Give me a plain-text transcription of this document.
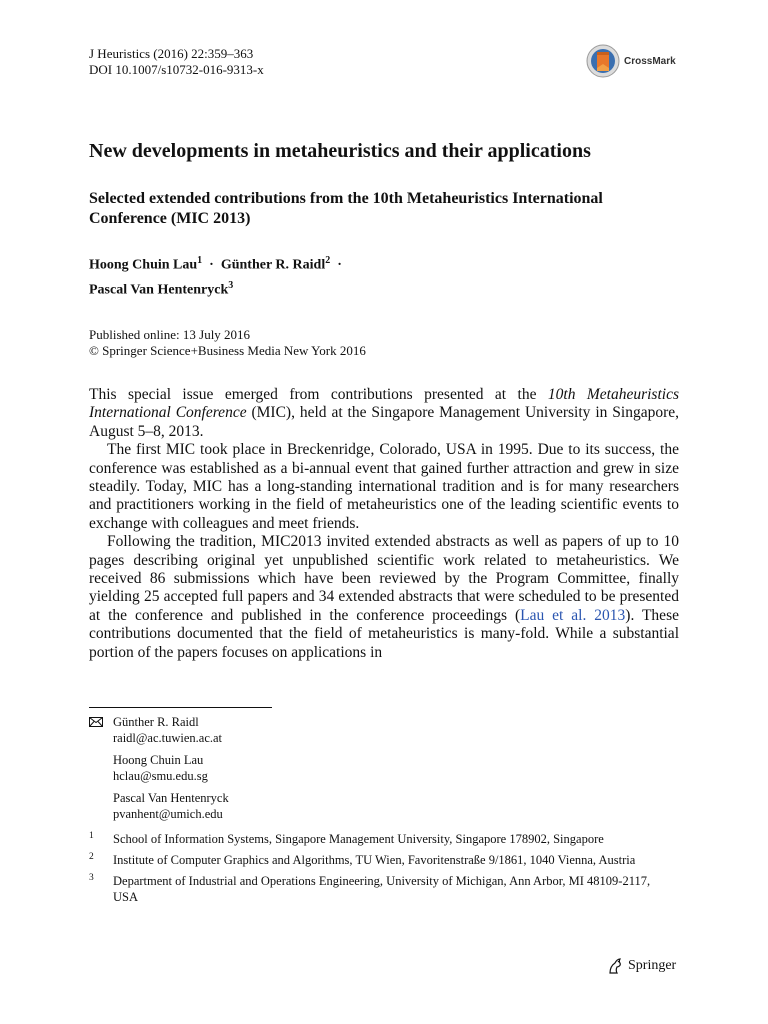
J Heuristics (2016) 22:359–363
DOI 10.1007/s10732-016-9313-x
CrossMark
New developments in metaheuristics and their applications
Selected extended contributions from the 10th Metaheuristics International Conference (MIC 2013)
Hoong Chuin Lau$^1$ · Günther R. Raidl$^2$ ·
Pascal Van Hentenryck$^3$
Published online: 13 July 2016
© Springer Science+Business Media New York 2016

This special issue emerged from contributions presented at the 10th Metaheuristics International Conference (MIC), held at the Singapore Management University in Singapore, August 5–8, 2013.

The first MIC took place in Breckenridge, Colorado, USA in 1995. Due to its success, the conference was established as a bi-annual event that gained further attraction and grew in size steadily. Today, MIC has a long-standing international tradition and is for many researchers and practitioners working in the field of metaheuristics one of the leading scientific events to exchange with colleagues and meet friends.

Following the tradition, MIC2013 invited extended abstracts as well as papers of up to 10 pages describing original yet unpublished scientific work related to metaheuristics. We received 86 submissions which have been reviewed by the Program Committee, finally yielding 25 accepted full papers and 34 extended abstracts that were scheduled to be presented at the conference and published in the conference proceedings (Lau et al. 2013). These contributions documented that the field of metaheuristics is many-fold. While a substantial portion of the papers focuses on applications in

Günther R. Raidl
raidl@ac.tuwien.ac.at
Hoong Chuin Lau
hclau@smu.edu.sg
Pascal Van Hentenryck
pvanhent@umich.edu
1 School of Information Systems, Singapore Management University, Singapore 178902, Singapore
2 Institute of Computer Graphics and Algorithms, TU Wien, Favoritenstraße 9/1861, 1040 Vienna, Austria
3 Department of Industrial and Operations Engineering, University of Michigan, Ann Arbor, MI 48109-2117, USA
Springer
